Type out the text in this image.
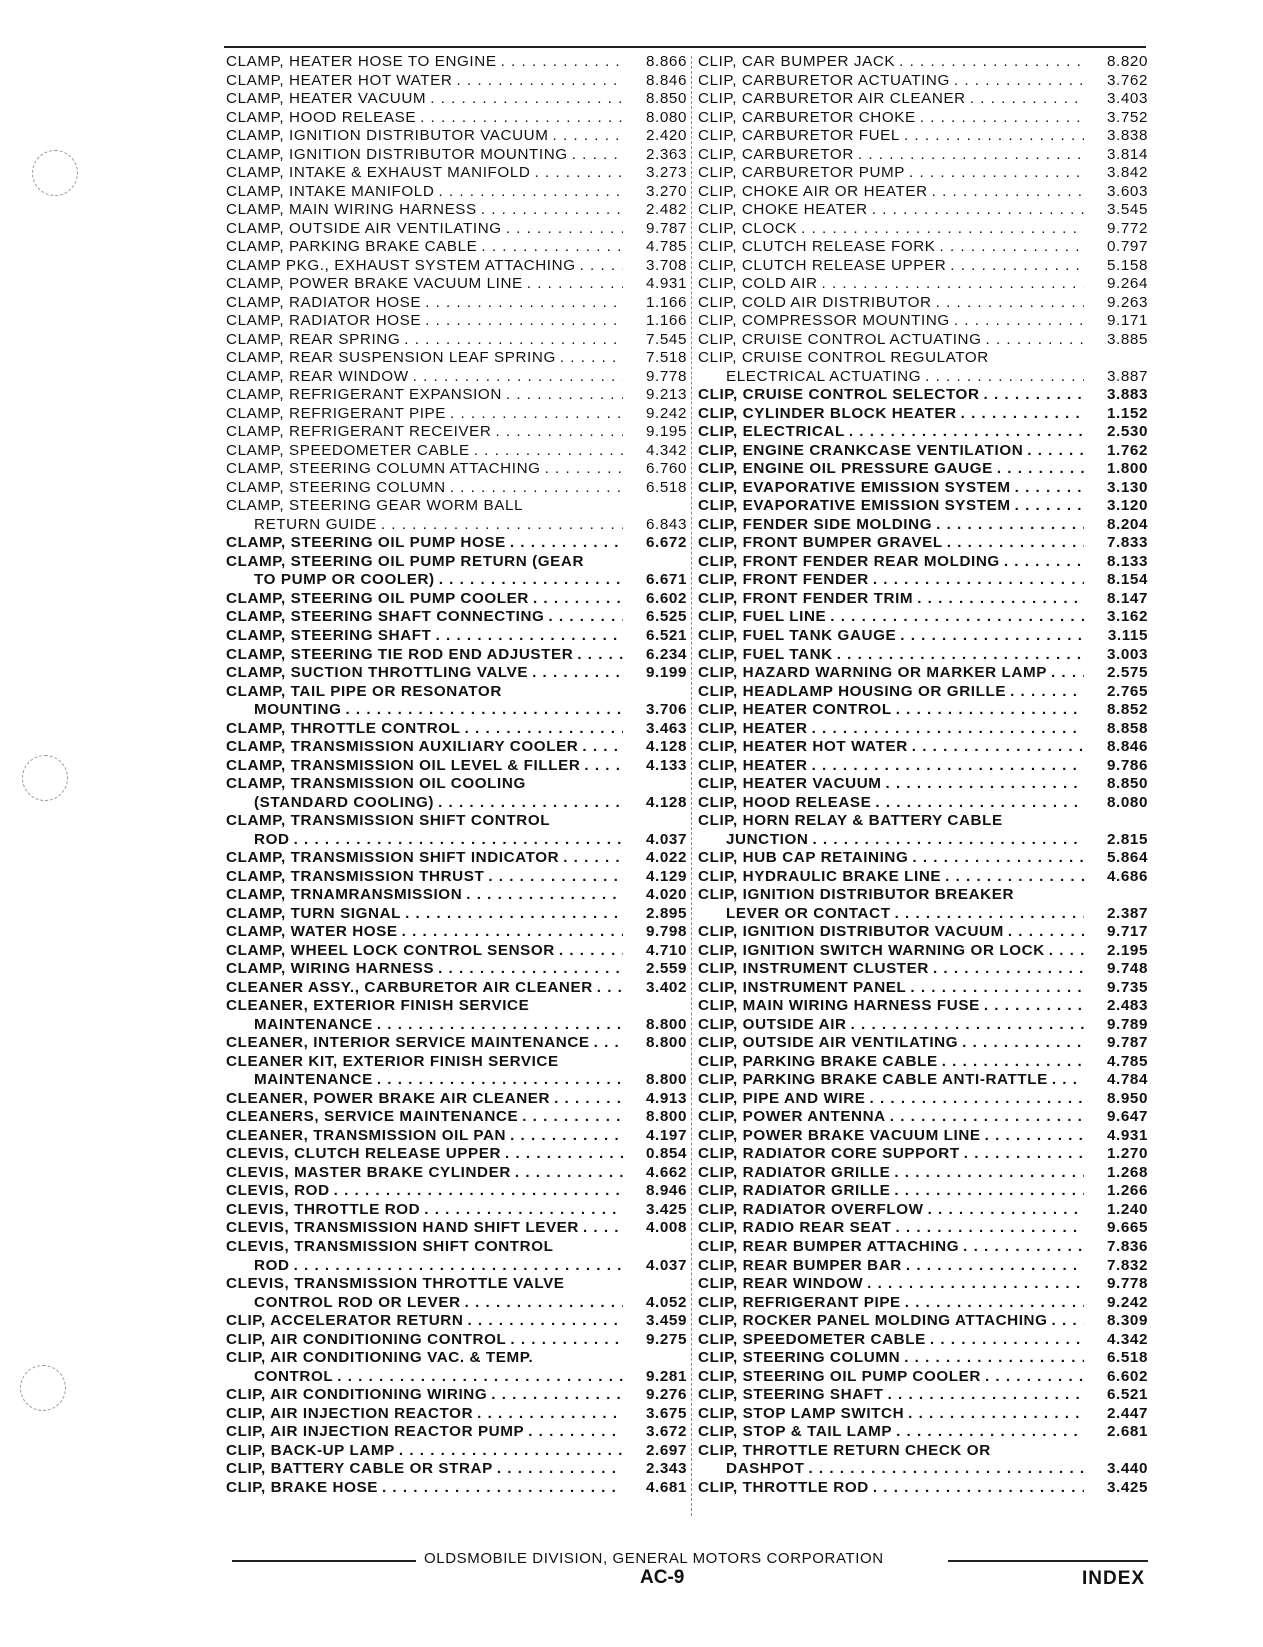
CLAMP, HEATER HOSE TO ENGINE . . .	8.866
CLAMP, HEATER HOT WATER . . .	8.846
CLAMP, HEATER VACUUM . . .	8.850
CLAMP, HOOD RELEASE . . .	8.080
CLAMP, IGNITION DISTRIBUTOR VACUUM . . .	2.420
CLAMP, IGNITION DISTRIBUTOR MOUNTING . . .	2.363
CLAMP, INTAKE & EXHAUST MANIFOLD . . .	3.273
CLAMP, INTAKE MANIFOLD . . .	3.270
CLAMP, MAIN WIRING HARNESS . . .	2.482
CLAMP, OUTSIDE AIR VENTILATING . . .	9.787
CLAMP, PARKING BRAKE CABLE . . .	4.785
CLAMP PKG., EXHAUST SYSTEM ATTACHING . . .	3.708
CLAMP, POWER BRAKE VACUUM LINE . . .	4.931
CLAMP, RADIATOR HOSE . . .	1.166
CLAMP, RADIATOR HOSE . . .	1.166
CLAMP, REAR SPRING . . .	7.545
CLAMP, REAR SUSPENSION LEAF SPRING . . .	7.518
CLAMP, REAR WINDOW . . .	9.778
CLAMP, REFRIGERANT EXPANSION . . .	9.213
CLAMP, REFRIGERANT PIPE . . .	9.242
CLAMP, REFRIGERANT RECEIVER . . .	9.195
CLAMP, SPEEDOMETER CABLE . . .	4.342
CLAMP, STEERING COLUMN ATTACHING . . .	6.760
CLAMP, STEERING COLUMN . . .	6.518
CLAMP, STEERING GEAR WORM BALL
RETURN GUIDE . . .	6.843
CLAMP, STEERING OIL PUMP HOSE . . .	6.672
CLAMP, STEERING OIL PUMP RETURN (GEAR
TO PUMP OR COOLER) . . .	6.671
CLAMP, STEERING OIL PUMP COOLER . . .	6.602
CLAMP, STEERING SHAFT CONNECTING . . .	6.525
CLAMP, STEERING SHAFT . . .	6.521
CLAMP, STEERING TIE ROD END ADJUSTER . . .	6.234
CLAMP, SUCTION THROTTLING VALVE . . .	9.199
CLAMP, TAIL PIPE OR RESONATOR
MOUNTING . . .	3.706
CLAMP, THROTTLE CONTROL . . .	3.463
CLAMP, TRANSMISSION AUXILIARY COOLER . . .	4.128
CLAMP, TRANSMISSION OIL LEVEL & FILLER . . .	4.133
CLAMP, TRANSMISSION OIL COOLING
(STANDARD COOLING) . . .	4.128
CLAMP, TRANSMISSION SHIFT CONTROL
ROD . . .	4.037
CLAMP, TRANSMISSION SHIFT INDICATOR . . .	4.022
CLAMP, TRANSMISSION THRUST . . .	4.129
CLAMP, TRNAMRANSMISSION . . .	4.020
CLAMP, TURN SIGNAL . . .	2.895
CLAMP, WATER HOSE . . .	9.798
CLAMP, WHEEL LOCK CONTROL SENSOR . . .	4.710
CLAMP, WIRING HARNESS . . .	2.559
CLEANER ASSY., CARBURETOR AIR CLEANER . . .	3.402
CLEANER, EXTERIOR FINISH SERVICE
MAINTENANCE . . .	8.800
CLEANER, INTERIOR SERVICE MAINTENANCE . . .	8.800
CLEANER KIT, EXTERIOR FINISH SERVICE
MAINTENANCE . . .	8.800
CLEANER, POWER BRAKE AIR CLEANER . . .	4.913
CLEANERS, SERVICE MAINTENANCE . . .	8.800
CLEANER, TRANSMISSION OIL PAN . . .	4.197
CLEVIS, CLUTCH RELEASE UPPER . . .	0.854
CLEVIS, MASTER BRAKE CYLINDER . . .	4.662
CLEVIS, ROD . . .	8.946
CLEVIS, THROTTLE ROD . . .	3.425
CLEVIS, TRANSMISSION HAND SHIFT LEVER . . .	4.008
CLEVIS, TRANSMISSION SHIFT CONTROL
ROD . . .	4.037
CLEVIS, TRANSMISSION THROTTLE VALVE
CONTROL ROD OR LEVER . . .	4.052
CLIP, ACCELERATOR RETURN . . .	3.459
CLIP, AIR CONDITIONING CONTROL . . .	9.275
CLIP, AIR CONDITIONING VAC. & TEMP.
CONTROL . . .	9.281
CLIP, AIR CONDITIONING WIRING . . .	9.276
CLIP, AIR INJECTION REACTOR . . .	3.675
CLIP, AIR INJECTION REACTOR PUMP . . .	3.672
CLIP, BACK-UP LAMP . . .	2.697
CLIP, BATTERY CABLE OR STRAP . . .	2.343
CLIP, BRAKE HOSE . . .	4.681
CLIP, CAR BUMPER JACK . . .	8.820
CLIP, CARBURETOR ACTUATING . . .	3.762
CLIP, CARBURETOR AIR CLEANER . . .	3.403
CLIP, CARBURETOR CHOKE . . .	3.752
CLIP, CARBURETOR FUEL . . .	3.838
CLIP, CARBURETOR . . .	3.814
CLIP, CARBURETOR PUMP . . .	3.842
CLIP, CHOKE AIR OR HEATER . . .	3.603
CLIP, CHOKE HEATER . . .	3.545
CLIP, CLOCK . . .	9.772
CLIP, CLUTCH RELEASE FORK . . .	0.797
CLIP, CLUTCH RELEASE UPPER . . .	5.158
CLIP, COLD AIR . . .	9.264
CLIP, COLD AIR DISTRIBUTOR . . .	9.263
CLIP, COMPRESSOR MOUNTING . . .	9.171
CLIP, CRUISE CONTROL ACTUATING . . .	3.885
CLIP, CRUISE CONTROL REGULATOR
ELECTRICAL ACTUATING . . .	3.887
CLIP, CRUISE CONTROL SELECTOR . . .	3.883
CLIP, CYLINDER BLOCK HEATER . . .	1.152
CLIP, ELECTRICAL . . .	2.530
CLIP, ENGINE CRANKCASE VENTILATION . . .	1.762
CLIP, ENGINE OIL PRESSURE GAUGE . . .	1.800
CLIP, EVAPORATIVE EMISSION SYSTEM . . .	3.130
CLIP, EVAPORATIVE EMISSION SYSTEM . . .	3.120
CLIP, FENDER SIDE MOLDING . . .	8.204
CLIP, FRONT BUMPER GRAVEL . . .	7.833
CLIP, FRONT FENDER REAR MOLDING . . .	8.133
CLIP, FRONT FENDER . . .	8.154
CLIP, FRONT FENDER TRIM . . .	8.147
CLIP, FUEL LINE . . .	3.162
CLIP, FUEL TANK GAUGE . . .	3.115
CLIP, FUEL TANK . . .	3.003
CLIP, HAZARD WARNING OR MARKER LAMP . . .	2.575
CLIP, HEADLAMP HOUSING OR GRILLE . . .	2.765
CLIP, HEATER CONTROL . . .	8.852
CLIP, HEATER . . .	8.858
CLIP, HEATER HOT WATER . . .	8.846
CLIP, HEATER . . .	9.786
CLIP, HEATER VACUUM . . .	8.850
CLIP, HOOD RELEASE . . .	8.080
CLIP, HORN RELAY & BATTERY CABLE
JUNCTION . . .	2.815
CLIP, HUB CAP RETAINING . . .	5.864
CLIP, HYDRAULIC BRAKE LINE . . .	4.686
CLIP, IGNITION DISTRIBUTOR BREAKER
LEVER OR CONTACT . . .	2.387
CLIP, IGNITION DISTRIBUTOR VACUUM . . .	9.717
CLIP, IGNITION SWITCH WARNING OR LOCK . . .	2.195
CLIP, INSTRUMENT CLUSTER . . .	9.748
CLIP, INSTRUMENT PANEL . . .	9.735
CLIP, MAIN WIRING HARNESS FUSE . . .	2.483
CLIP, OUTSIDE AIR . . .	9.789
CLIP, OUTSIDE AIR VENTILATING . . .	9.787
CLIP, PARKING BRAKE CABLE . . .	4.785
CLIP, PARKING BRAKE CABLE ANTI-RATTLE . . .	4.784
CLIP, PIPE AND WIRE . . .	8.950
CLIP, POWER ANTENNA . . .	9.647
CLIP, POWER BRAKE VACUUM LINE . . .	4.931
CLIP, RADIATOR CORE SUPPORT . . .	1.270
CLIP, RADIATOR GRILLE . . .	1.268
CLIP, RADIATOR GRILLE . . .	1.266
CLIP, RADIATOR OVERFLOW . . .	1.240
CLIP, RADIO REAR SEAT . . .	9.665
CLIP, REAR BUMPER ATTACHING . . .	7.836
CLIP, REAR BUMPER BAR . . .	7.832
CLIP, REAR WINDOW . . .	9.778
CLIP, REFRIGERANT PIPE . . .	9.242
CLIP, ROCKER PANEL MOLDING ATTACHING . . .	8.309
CLIP, SPEEDOMETER CABLE . . .	4.342
CLIP, STEERING COLUMN . . .	6.518
CLIP, STEERING OIL PUMP COOLER . . .	6.602
CLIP, STEERING SHAFT . . .	6.521
CLIP, STOP LAMP SWITCH . . .	2.447
CLIP, STOP & TAIL LAMP . . .	2.681
CLIP, THROTTLE RETURN CHECK OR
DASHPOT . . .	3.440
CLIP, THROTTLE ROD . . .	3.425
OLDSMOBILE DIVISION, GENERAL MOTORS CORPORATION
AC-9	INDEX
